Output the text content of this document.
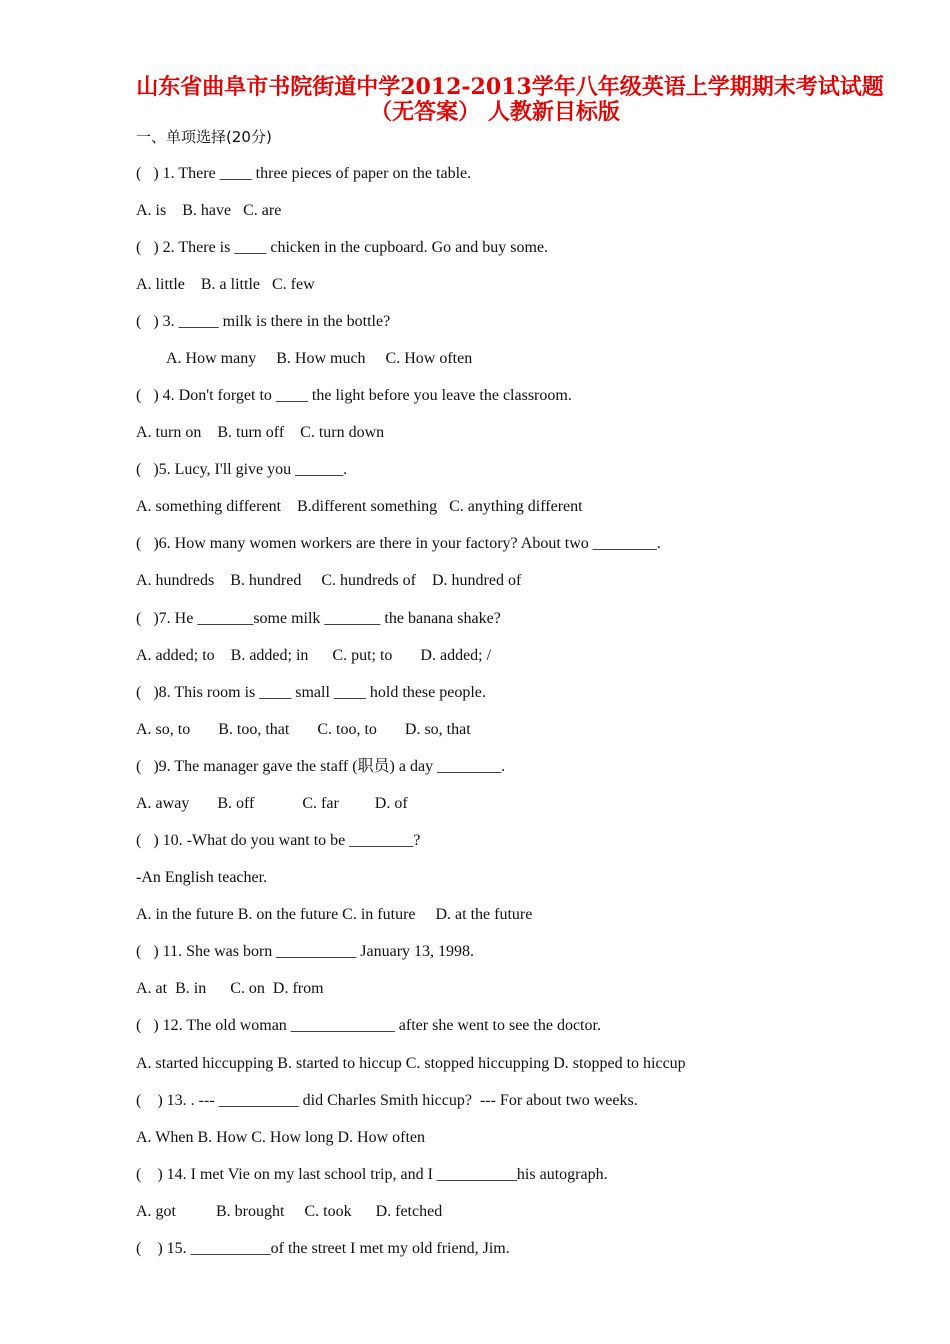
山东省曲阜市书院街道中学2012-2013学年八年级英语上学期期末考试试题
（无答案） 人教新目标版
一、单项选择(20分)
(   ) 1. There ____ three pieces of paper on the table.
A. is    B. have   C. are
(   ) 2. There is ____ chicken in the cupboard. Go and buy some.
A. little    B. a little   C. few
(   ) 3. _____ milk is there in the bottle?
A. How many     B. How much     C. How often
(   ) 4. Don't forget to ____ the light before you leave the classroom.
A. turn on    B. turn off    C. turn down
(   )5. Lucy, I'll give you ______.
A. something different    B.different something   C. anything different
(   )6. How many women workers are there in your factory? About two ________.
A. hundreds    B. hundred     C. hundreds of    D. hundred of
(   )7. He _______some milk _______ the banana shake?
A. added; to    B. added; in      C. put; to       D. added; /
(   )8. This room is ____ small ____ hold these people.
A. so, to       B. too, that       C. too, to       D. so, that
(   )9. The manager gave the staff (职员) a day ________.
A. away       B. off            C. far         D. of
(   ) 10. -What do you want to be ________?
-An English teacher.
A. in the future B. on the future C. in future     D. at the future
(   ) 11. She was born __________ January 13, 1998.
A. at  B. in      C. on  D. from
(   ) 12. The old woman _____________ after she went to see the doctor.
A. started hiccupping B. started to hiccup C. stopped hiccupping D. stopped to hiccup
(    ) 13. . --- __________ did Charles Smith hiccup?  --- For about two weeks.
A. When B. How C. How long D. How often
(    ) 14. I met Vie on my last school trip, and I __________his autograph.
A. got          B. brought     C. took      D. fetched
(    ) 15. __________of the street I met my old friend, Jim.
